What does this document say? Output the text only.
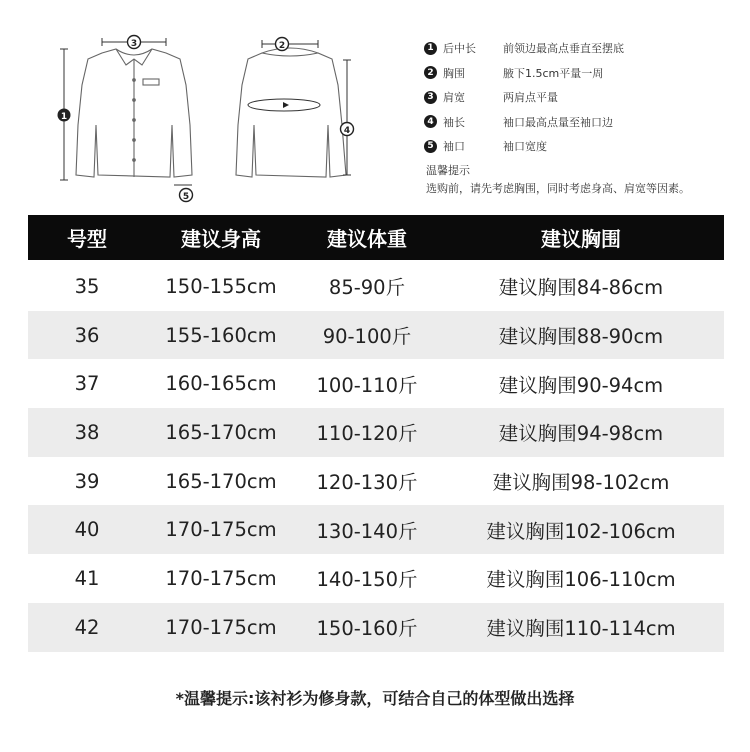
3
1
5
2
4
1 后中长	前领边最高点垂直至摆底
2 胸围	腋下1.5cm平量一周
3 肩宽	两肩点平量
4 袖长	袖口最高点量至袖口边
5 袖口	袖口宽度
温馨提示
选购前，请先考虑胸围，同时考虑身高、肩宽等因素。
号型	建议身高	建议体重	建议胸围
35	150-155cm	85-90斤	建议胸围84-86cm
36	155-160cm	90-100斤	建议胸围88-90cm
37	160-165cm	100-110斤	建议胸围90-94cm
38	165-170cm	110-120斤	建议胸围94-98cm
39	165-170cm	120-130斤	建议胸围98-102cm
40	170-175cm	130-140斤	建议胸围102-106cm
41	170-175cm	140-150斤	建议胸围106-110cm
42	170-175cm	150-160斤	建议胸围110-114cm
*温馨提示:该衬衫为修身款，可结合自己的体型做出选择
